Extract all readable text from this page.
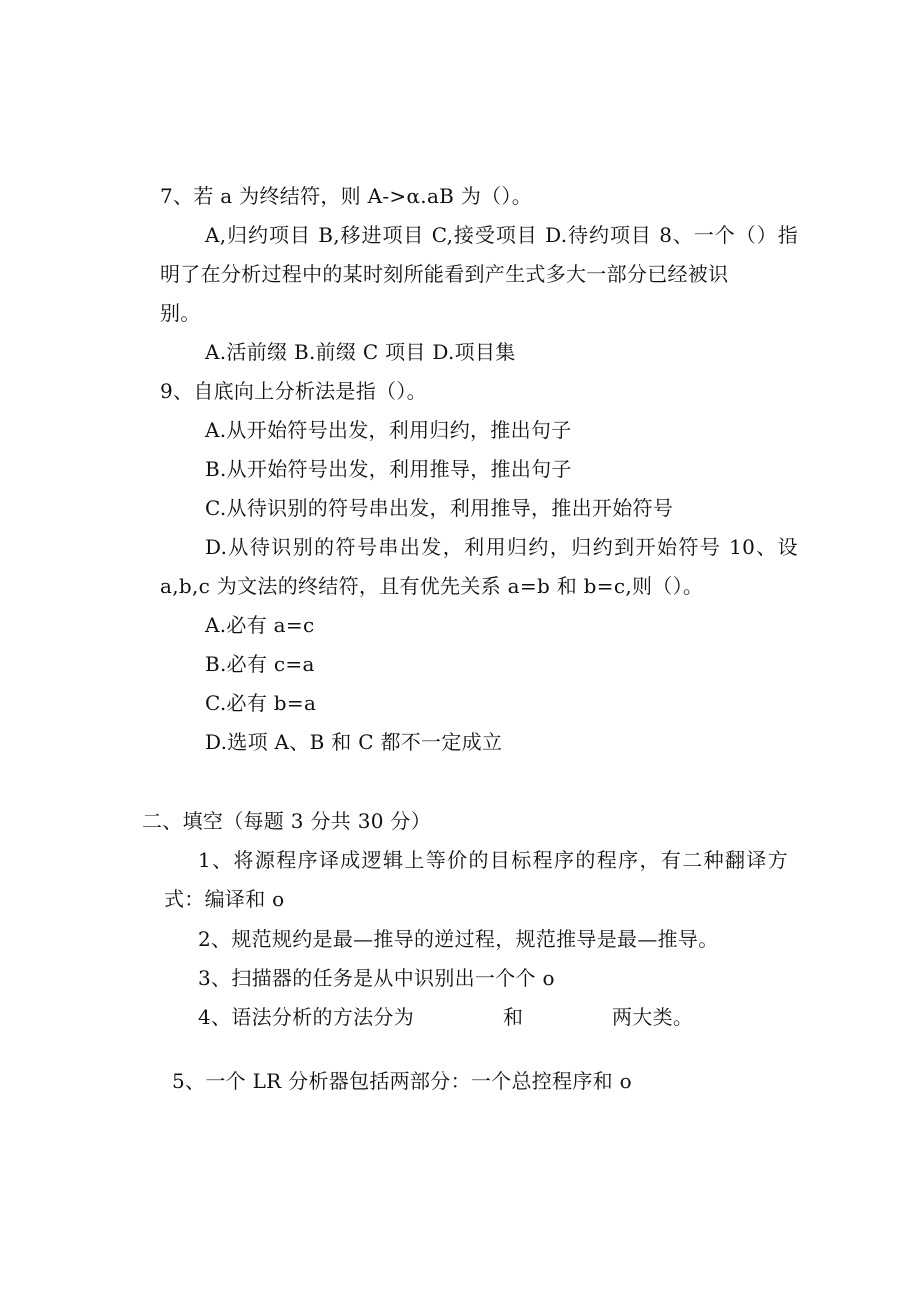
7、若 a 为终结符，则 A->α.aB 为（）。
A,归约项目 B,移进项目 C,接受项目 D.待约项目 8、一个（）指
明了在分析过程中的某时刻所能看到产生式多大一部分已经被识
别。
A.活前缀 B.前缀 C 项目 D.项目集
9、自底向上分析法是指（）。
A.从开始符号出发，利用归约，推出句子
B.从开始符号出发，利用推导，推出句子
C.从待识别的符号串出发，利用推导，推出开始符号
D.从待识别的符号串出发，利用归约，归约到开始符号 10、设
a,b,c 为文法的终结符，且有优先关系 a=b 和 b=c,则（）。
A.必有 a=c
B.必有 c=a
C.必有 b=a
D.选项 A、B 和 C 都不一定成立
二、填空（每题 3 分共 30 分）
1、将源程序译成逻辑上等价的目标程序的程序，有二种翻译方
式：编译和 o
2、规范规约是最—推导的逆过程，规范推导是最—推导。
3、扫描器的任务是从中识别出一个个 o
4、语法分析的方法分为	和	两大类。
5、一个 LR 分析器包括两部分：一个总控程序和 o
